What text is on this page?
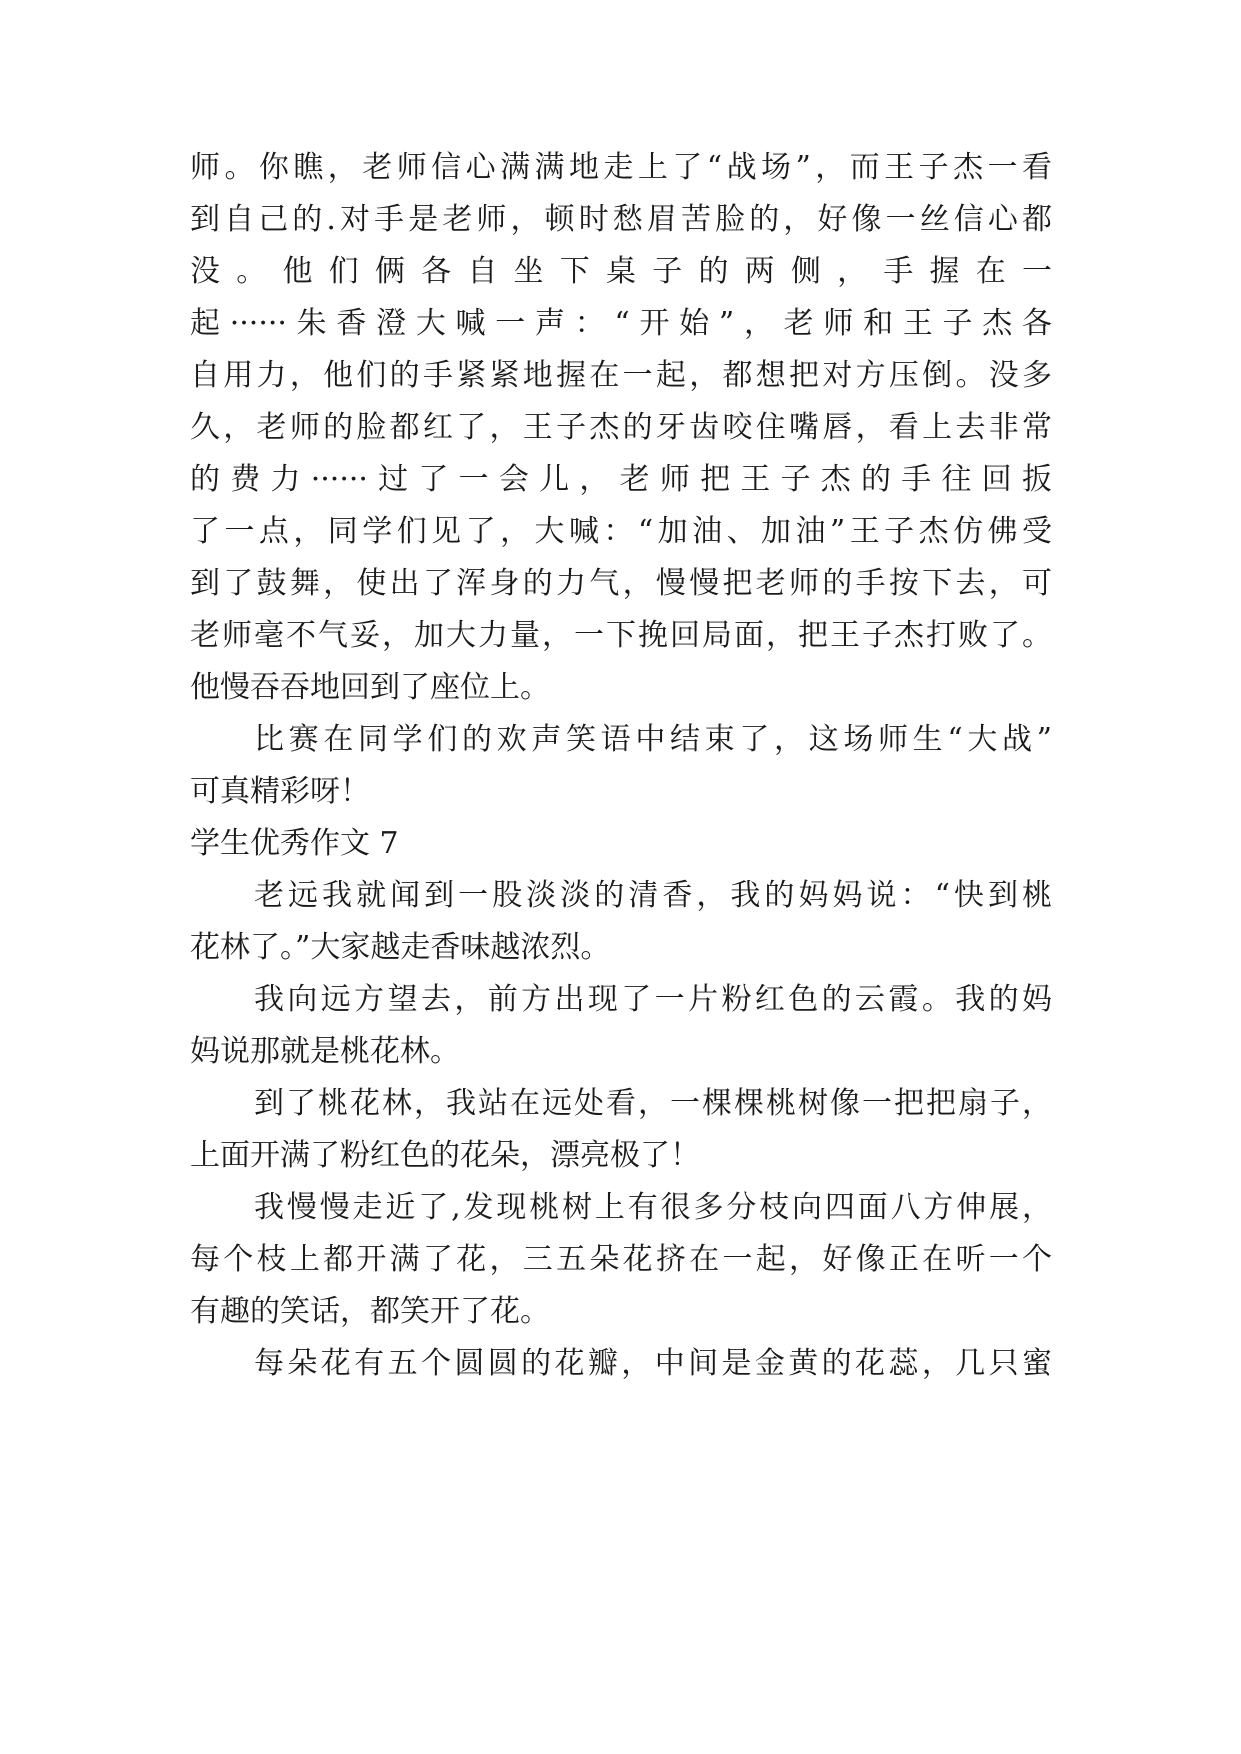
师。你瞧，老师信心满满地走上了“战场”，而王子杰一看
到自己的.对手是老师，顿时愁眉苦脸的，好像一丝信心都
没。他们俩各自坐下桌子的两侧，手握在一
起······朱香澄大喊一声：“开始”，老师和王子杰各
自用力，他们的手紧紧地握在一起，都想把对方压倒。没多
久，老师的脸都红了，王子杰的牙齿咬住嘴唇，看上去非常
的费力······过了一会儿，老师把王子杰的手往回扳
了一点，同学们见了，大喊：“加油、加油”王子杰仿佛受
到了鼓舞，使出了浑身的力气，慢慢把老师的手按下去，可
老师毫不气妥，加大力量，一下挽回局面，把王子杰打败了。
他慢吞吞地回到了座位上。
比赛在同学们的欢声笑语中结束了，这场师生“大战”
可真精彩呀！
学生优秀作文 7
老远我就闻到一股淡淡的清香，我的妈妈说：“快到桃
花林了。”大家越走香味越浓烈。
我向远方望去，前方出现了一片粉红色的云霞。我的妈
妈说那就是桃花林。
到了桃花林，我站在远处看，一棵棵桃树像一把把扇子，
上面开满了粉红色的花朵，漂亮极了！
我慢慢走近了,发现桃树上有很多分枝向四面八方伸展，
每个枝上都开满了花，三五朵花挤在一起，好像正在听一个
有趣的笑话，都笑开了花。
每朵花有五个圆圆的花瓣，中间是金黄的花蕊，几只蜜
